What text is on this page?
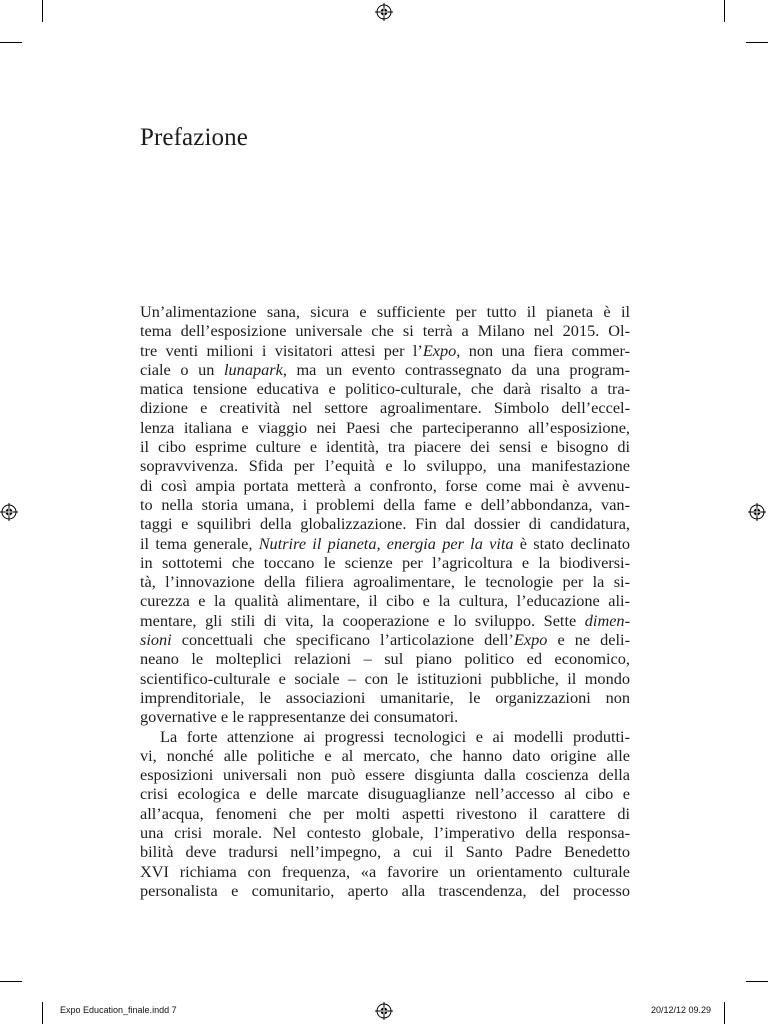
Prefazione
Un’alimentazione sana, sicura e sufficiente per tutto il pianeta è il
tema dell’esposizione universale che si terrà a Milano nel 2015. Ol-
tre venti milioni i visitatori attesi per l’Expo, non una fiera commer-
ciale o un lunapark, ma un evento contrassegnato da una program-
matica tensione educativa e politico-culturale, che darà risalto a tra-
dizione e creatività nel settore agroalimentare. Simbolo dell’eccel-
lenza italiana e viaggio nei Paesi che parteciperanno all’esposizione,
il cibo esprime culture e identità, tra piacere dei sensi e bisogno di
sopravvivenza. Sfida per l’equità e lo sviluppo, una manifestazione
di così ampia portata metterà a confronto, forse come mai è avvenu-
to nella storia umana, i problemi della fame e dell’abbondanza, van-
taggi e squilibri della globalizzazione. Fin dal dossier di candidatura,
il tema generale, Nutrire il pianeta, energia per la vita è stato declinato
in sottotemi che toccano le scienze per l’agricoltura e la biodiversi-
tà, l’innovazione della filiera agroalimentare, le tecnologie per la si-
curezza e la qualità alimentare, il cibo e la cultura, l’educazione ali-
mentare, gli stili di vita, la cooperazione e lo sviluppo. Sette dimen-
sioni concettuali che specificano l’articolazione dell’Expo e ne deli-
neano le molteplici relazioni – sul piano politico ed economico,
scientifico-culturale e sociale – con le istituzioni pubbliche, il mondo
imprenditoriale, le associazioni umanitarie, le organizzazioni non
governative e le rappresentanze dei consumatori.
La forte attenzione ai progressi tecnologici e ai modelli produtti-
vi, nonché alle politiche e al mercato, che hanno dato origine alle
esposizioni universali non può essere disgiunta dalla coscienza della
crisi ecologica e delle marcate disuguaglianze nell’accesso al cibo e
all’acqua, fenomeni che per molti aspetti rivestono il carattere di
una crisi morale. Nel contesto globale, l’imperativo della responsa-
bilità deve tradursi nell’impegno, a cui il Santo Padre Benedetto
XVI richiama con frequenza, «a favorire un orientamento culturale
personalista e comunitario, aperto alla trascendenza, del processo
Expo Education_finale.indd 7	20/12/12 09.29
